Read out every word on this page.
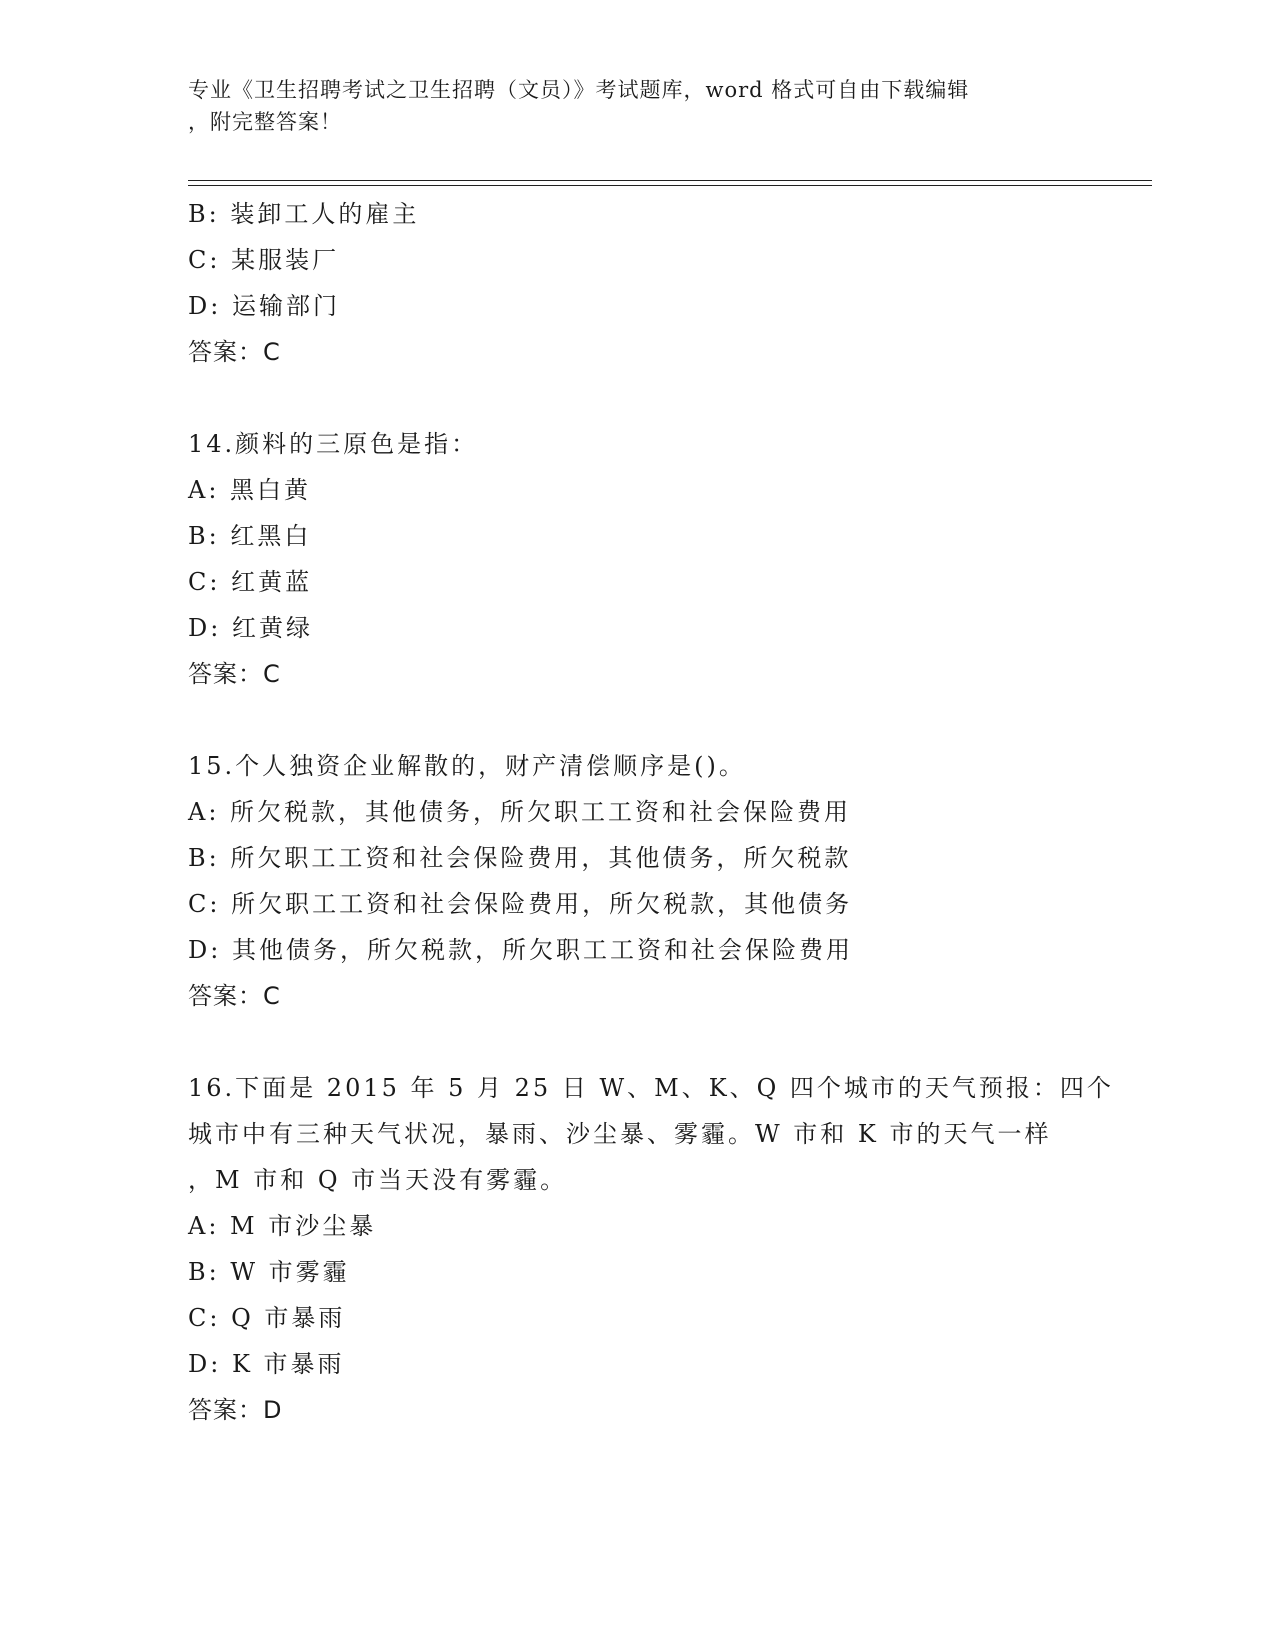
专业《卫生招聘考试之卫生招聘（文员）》考试题库，word 格式可自由下载编辑
，附完整答案！
B: 装卸工人的雇主
C: 某服装厂
D: 运输部门
答案：C
14.颜料的三原色是指：
A: 黑白黄
B: 红黑白
C: 红黄蓝
D: 红黄绿
答案：C
15.个人独资企业解散的，财产清偿顺序是()。
A: 所欠税款，其他债务，所欠职工工资和社会保险费用
B: 所欠职工工资和社会保险费用，其他债务，所欠税款
C: 所欠职工工资和社会保险费用，所欠税款，其他债务
D: 其他债务，所欠税款，所欠职工工资和社会保险费用
答案：C
16.下面是 2015 年 5 月 25 日 W、M、K、Q 四个城市的天气预报：四个
城市中有三种天气状况，暴雨、沙尘暴、雾霾。W 市和 K 市的天气一样
，M 市和 Q 市当天没有雾霾。
A: M 市沙尘暴
B: W 市雾霾
C: Q 市暴雨
D: K 市暴雨
答案：D
